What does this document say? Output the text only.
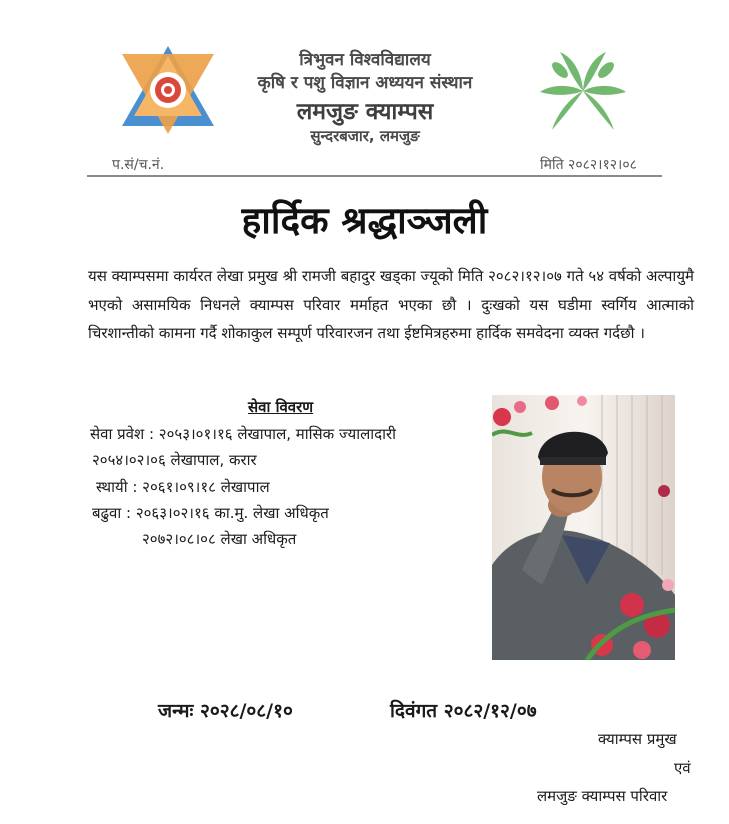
त्रिभुवन विश्वविद्यालय
कृषि र पशु विज्ञान अध्ययन संस्थान
लमजुङ क्याम्पस
सुन्दरबजार, लमजुङ
प.सं/च.नं.	मिति २०८२।१२।०८
हार्दिक श्रद्धाञ्जली
यस क्याम्पसमा कार्यरत लेखा प्रमुख श्री रामजी बहादुर खड्का ज्यूको मिति २०८२।१२।०७ गते ५४ वर्षको अल्पायुमै भएको असामयिक निधनले क्याम्पस परिवार मर्माहत भएका छौ । दुःखको यस घडीमा स्वर्गिय आत्माको चिरशान्तीको कामना गर्दै शोकाकुल सम्पूर्ण परिवारजन तथा ईष्टमित्रहरुमा हार्दिक समवेदना व्यक्त गर्दछौ ।
सेवा विवरण
सेवा प्रवेश : २०५३।०१।१६ लेखापाल, मासिक ज्यालादारी
२०५४।०२।०६ लेखापाल, करार
स्थायी : २०६१।०९।१८ लेखापाल
बढुवा : २०६३।०२।१६ का.मु. लेखा अधिकृत
२०७२।०८।०८ लेखा अधिकृत
जन्मः २०२८/०८/१०	दिवंगत २०८२/१२/०७
क्याम्पस प्रमुख
एवं
लमजुङ क्याम्पस परिवार
